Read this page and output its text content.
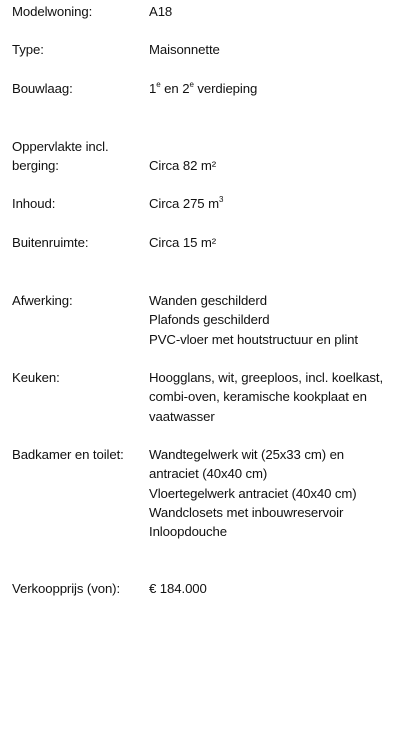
Modelwoning:	A18
Type:	Maisonnette
Bouwlaag:	1e en 2e verdieping
Oppervlakte incl.
berging:	Circa 82 m²
Inhoud:	Circa 275 $m^3$
Buitenruimte:	Circa 15 m²
Afwerking:	Wanden geschilderd
Plafonds geschilderd
PVC-vloer met houtstructuur en plint
Keuken:	Hoogglans, wit, greeploos, incl. koelkast,
combi-oven, keramische kookplaat en
vaatwasser
Badkamer en toilet:	Wandtegelwerk wit (25x33 cm) en
antraciet (40x40 cm)
Vloertegelwerk antraciet (40x40 cm)
Wandclosets met inbouwreservoir
Inloopdouche
Verkoopprijs (von):	€ 184.000
